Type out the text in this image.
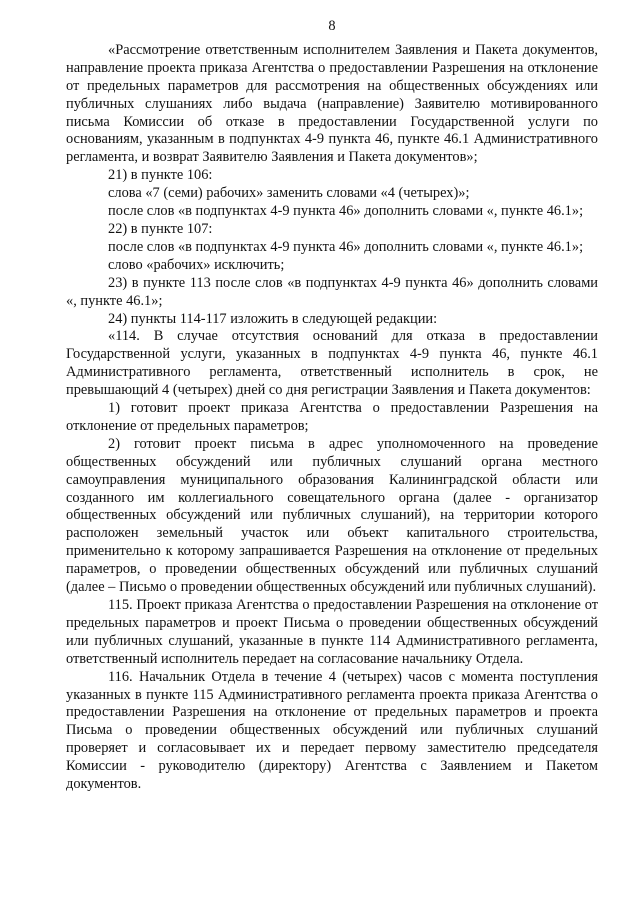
8

«Рассмотрение ответственным исполнителем Заявления и Пакета документов, направление проекта приказа Агентства о предоставлении Разрешения на отклонение от предельных параметров для рассмотрения на общественных обсуждениях или публичных слушаниях либо выдача (направление) Заявителю мотивированного письма Комиссии об отказе в предоставлении Государственной услуги по основаниям, указанным в подпунктах 4-9 пункта 46, пункте 46.1 Административного регламента, и возврат Заявителю Заявления и Пакета документов»;

21) в пункте 106:

слова «7 (семи) рабочих» заменить словами «4 (четырех)»;

после слов «в подпунктах 4-9 пункта 46» дополнить словами «, пункте 46.1»;

22) в пункте 107:

после слов «в подпунктах 4-9 пункта 46» дополнить словами «, пункте 46.1»;

слово «рабочих» исключить;

23) в пункте 113 после слов «в подпунктах 4-9 пункта 46» дополнить словами «, пункте 46.1»;

24) пункты 114-117 изложить в следующей редакции:

«114. В случае отсутствия оснований для отказа в предоставлении Государственной услуги, указанных в подпунктах 4-9 пункта 46, пункте 46.1 Административного регламента, ответственный исполнитель в срок, не превышающий 4 (четырех) дней со дня регистрации Заявления и Пакета документов:

1) готовит проект приказа Агентства о предоставлении Разрешения на отклонение от предельных параметров;

2) готовит проект письма в адрес уполномоченного на проведение общественных обсуждений или публичных слушаний органа местного самоуправления муниципального образования Калининградской области или созданного им коллегиального совещательного органа (далее - организатор общественных обсуждений или публичных слушаний), на территории которого расположен земельный участок или объект капитального строительства, применительно к которому запрашивается Разрешения на отклонение от предельных параметров, о проведении общественных обсуждений или публичных слушаний (далее – Письмо о проведении общественных обсуждений или публичных слушаний).

115. Проект приказа Агентства о предоставлении Разрешения на отклонение от предельных параметров и проект Письма о проведении общественных обсуждений или публичных слушаний, указанные в пункте 114 Административного регламента, ответственный исполнитель передает на согласование начальнику Отдела.

116. Начальник Отдела в течение 4 (четырех) часов с момента поступления указанных в пункте 115 Административного регламента проекта приказа Агентства о предоставлении Разрешения на отклонение от предельных параметров и проекта Письма о проведении общественных обсуждений или публичных слушаний проверяет и согласовывает их и передает первому заместителю председателя Комиссии - руководителю (директору) Агентства с Заявлением и Пакетом документов.
